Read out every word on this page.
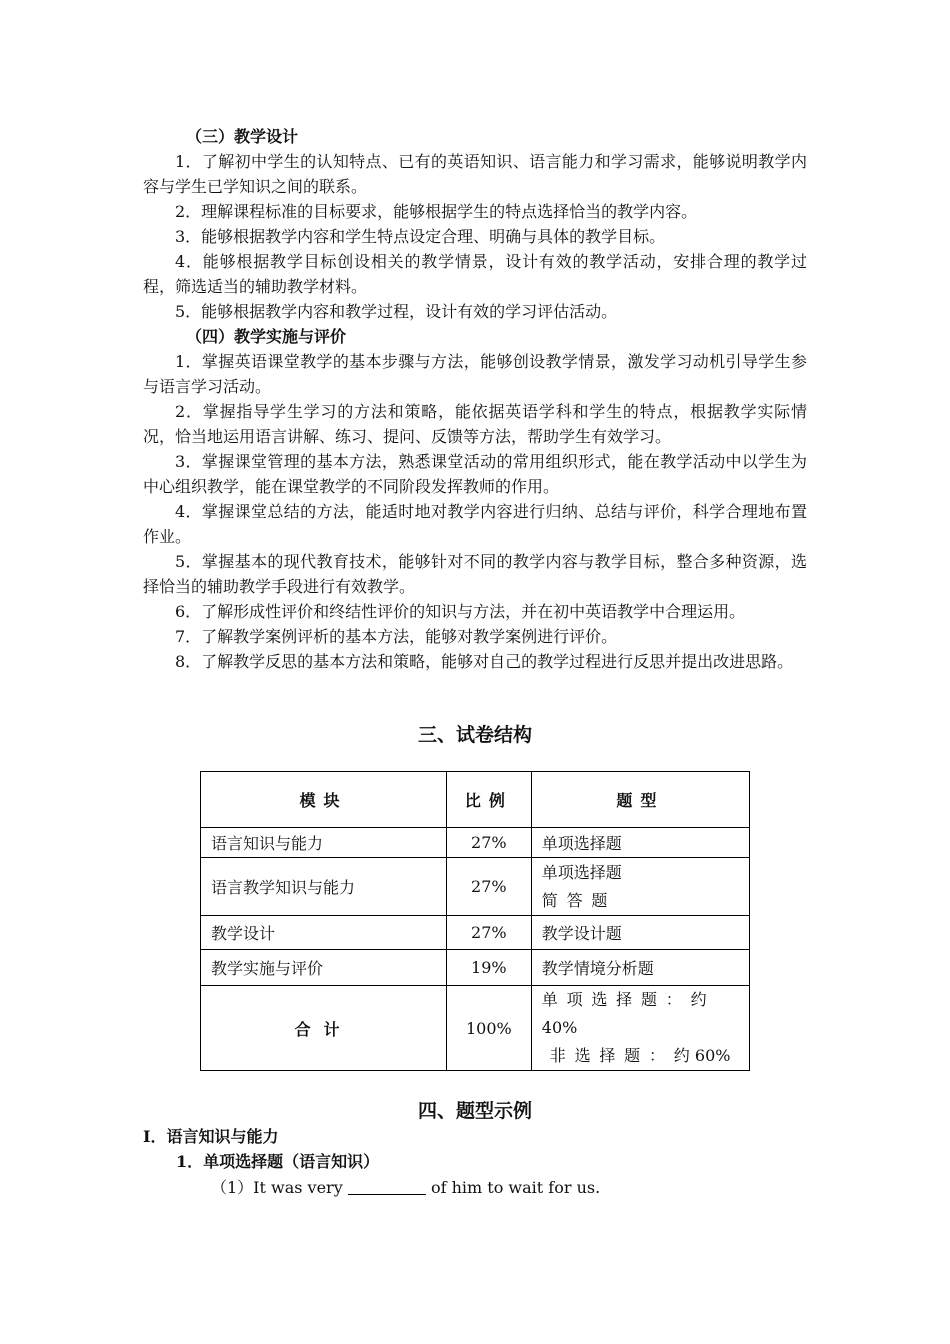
（三）教学设计

1．了解初中学生的认知特点、已有的英语知识、语言能力和学习需求，能够说明教学内容与学生已学知识之间的联系。

2．理解课程标准的目标要求，能够根据学生的特点选择恰当的教学内容。

3．能够根据教学内容和学生特点设定合理、明确与具体的教学目标。

4．能够根据教学目标创设相关的教学情景，设计有效的教学活动，安排合理的教学过程，筛选适当的辅助教学材料。

5．能够根据教学内容和教学过程，设计有效的学习评估活动。

（四）教学实施与评价

1．掌握英语课堂教学的基本步骤与方法，能够创设教学情景，激发学习动机引导学生参与语言学习活动。

2．掌握指导学生学习的方法和策略，能依据英语学科和学生的特点，根据教学实际情况，恰当地运用语言讲解、练习、提问、反馈等方法，帮助学生有效学习。

3．掌握课堂管理的基本方法，熟悉课堂活动的常用组织形式，能在教学活动中以学生为中心组织教学，能在课堂教学的不同阶段发挥教师的作用。

4．掌握课堂总结的方法，能适时地对教学内容进行归纳、总结与评价，科学合理地布置作业。

5．掌握基本的现代教育技术，能够针对不同的教学内容与教学目标，整合多种资源，选择恰当的辅助教学手段进行有效教学。

6．了解形成性评价和终结性评价的知识与方法，并在初中英语教学中合理运用。

7．了解教学案例评析的基本方法，能够对教学案例进行评价。

8．了解教学反思的基本方法和策略，能够对自己的教学过程进行反思并提出改进思路。

三、试卷结构
模块	比例	题型
语言知识与能力	27%	单项选择题
语言教学知识与能力	27%	单项选择题
简答题

教学设计	27%	教学设计题
教学实施与评价	19%	教学情境分析题
合计	100%	单项选择题：约 40%
非选择题：约 60%
四、题型示例

I．语言知识与能力

1．单项选择题（语言知识）

（1）It was very	of him to wait for us.
